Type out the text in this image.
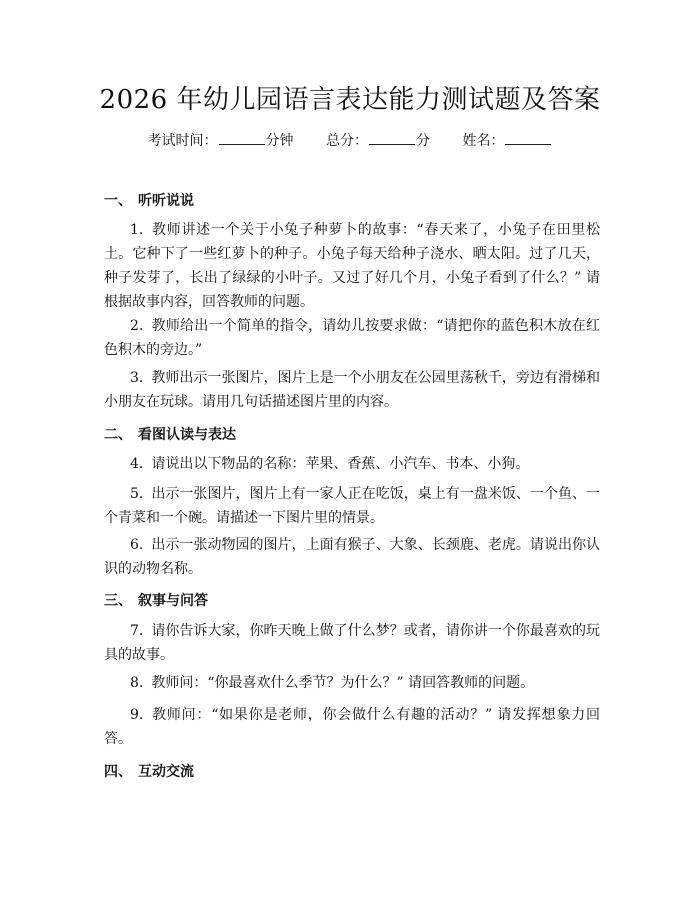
2026 年幼儿园语言表达能力测试题及答案
考试时间：	分钟 总分：	分 姓名：
一、 听听说说
1. 教师讲述一个关于小兔子种萝卜的故事：“春天来了，小兔子在田里松土。它种下了一些红萝卜的种子。小兔子每天给种子浇水、晒太阳。过了几天，种子发芽了，长出了绿绿的小叶子。又过了好几个月，小兔子看到了什么？” 请根据故事内容，回答教师的问题。
2. 教师给出一个简单的指令，请幼儿按要求做：“请把你的蓝色积木放在红色积木的旁边。”
3. 教师出示一张图片，图片上是一个小朋友在公园里荡秋千，旁边有滑梯和小朋友在玩球。请用几句话描述图片里的内容。
二、 看图认读与表达
4. 请说出以下物品的名称：苹果、香蕉、小汽车、书本、小狗。
5. 出示一张图片，图片上有一家人正在吃饭，桌上有一盘米饭、一个鱼、一个青菜和一个碗。请描述一下图片里的情景。
6. 出示一张动物园的图片，上面有猴子、大象、长颈鹿、老虎。请说出你认识的动物名称。
三、 叙事与问答
7. 请你告诉大家，你昨天晚上做了什么梦？或者，请你讲一个你最喜欢的玩具的故事。
8. 教师问：“你最喜欢什么季节？为什么？” 请回答教师的问题。
9. 教师问：“如果你是老师，你会做什么有趣的活动？” 请发挥想象力回答。
四、 互动交流
